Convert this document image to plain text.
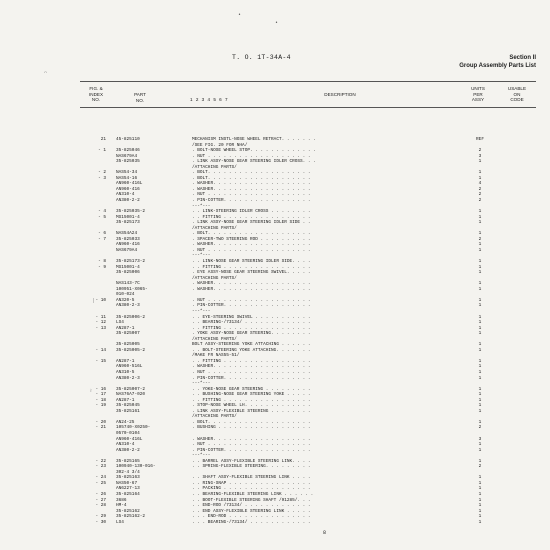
T. O. 1T-34A-4	Section II
Group Assembly Parts List
FIG. &
INDEX
NO.
PART
NO.	1 2 3 4 5 6 7
DESCRIPTION
UNITS
PER
ASSY
USABLE
ON
CODE
21 45-825110	MECHANISM INSTL-NOSE WHEEL RETRACT. . . . . . .	REF
/SEE FIG. 20 FOR NHA/
- 1 35-825046	. BOLT-NOSE WHEEL STOP. . . . . . . . . . . . .	2
NAS679A4	. NUT . . . . . . . . . . . . . . . . . . . .	3
35-825035	. LINK ASSY-NOSE GEAR STEERING IDLER CROSS. . .	1
/ATTACHING PARTS/
- 2 NAS54-34	. BOLT. . . . . . . . . . . . . . . . . . . .	1
- 3 NAS54-16	. BOLT. . . . . . . . . . . . . . . . . . . .	1
AN960-416L	. WASHER. . . . . . . . . . . . . . . . . . .	4
AN960-416	. WASHER. . . . . . . . . . . . . . . . . . .	2
AN310-4	. NUT . . . . . . . . . . . . . . . . . . . .	2
AN380-2-2	. PIN-COTTER. . . . . . . . . . . . . . . . .	2
---*---
- 4 35-825035-2	. . LINK-STEERING IDLER CROSS . . . . . . . .	1
- 5 MS15001-4	. . FITTING . . . . . . . . . . . . . . . . .	1
35-825173	. LINK ASSY-NOSE GEAR STEERING IDLER SIDE . .	1
/ATTACHING PARTS/
- 6 NAS54A24	. BOLT. . . . . . . . . . . . . . . . . . . .	1
- 7 35-825033	. SPACER-TWO STEERING ROD . . . . . . . . . .	2
AN960-416	. WASHER. . . . . . . . . . . . . . . . . . .	1
NAS679A4	. NUT . . . . . . . . . . . . . . . . . . . .	1
---*---
- 8 35-825173-2	. . LINK-NOSE GEAR STEERING IDLER SIDE. . . .	1
- 9 MS15001-4	. . FITTING . . . . . . . . . . . . . . . . .	1
35-825006	. EYE ASSY-NOSE GEAR STEERING SWIVEL. . . . .	1
/ATTACHING PARTS/
NAS143-7C	. WASHER. . . . . . . . . . . . . . . . . . .	1
100951-X065-	. WASHER. . . . . . . . . . . . . . . . . . .	1
010-024
- 10 AN320-5	. NUT . . . . . . . . . . . . . . . . . . . .	1
AN380-2-3	. PIN-COTTER. . . . . . . . . . . . . . . . .	1
---*---
- 11 35-825006-2	. . EYE-STEERING SWIVEL . . . . . . . . . . .	1
- 12 LS4	. . BEARING-/73134/ . . . . . . . . . . . . .	1
- 13 AN287-1	. . FITTING . . . . . . . . . . . . . . . . .	1
35-825007	. YOKE ASSY-NOSE GEAR STEERING. . . . . . . .	1
/ATTACHING PARTS/
35-825005	BOLT ASSY-STEERING YOKE ATTACHING . . . . . .	1
- 14 35-825005-2	. . BOLT-STEERING YOKE ATTACHING. . . . . . .	1
/MAKE FR NAS55-51/
- 15 AN287-1	. . FITTING . . . . . . . . . . . . . . . . .	1
AN960-516L	. WASHER. . . . . . . . . . . . . . . . . . .	1
AN310-5	. NUT . . . . . . . . . . . . . . . . . . . .	1
AN380-2-3	. PIN-COTTER. . . . . . . . . . . . . . . . .	1
---*---
- 16 35-825007-2	. . YOKE-NOSE GEAR STEERING . . . . . . . . .	1
- 17 NAS76A7-020	. . BUSHING-NOSE GEAR STEERING YOKE . . . . .	1
- 18 AN287-1	. . FITTING . . . . . . . . . . . . . . . . .	1
- 19 35-825045	. STOP-NOSE WHEEL LH. . . . . . . . . . . . .	1
35-825161	. LINK ASSY-FLEXIBLE STEERING . . . . . . . .	1
/ATTACHING PARTS/
- 20 AN24-25	. BOLT. . . . . . . . . . . . . . . . . . . .	1
- 21 105740-X0250-	. BUSHING . . . . . . . . . . . . . . . . . .	2
0570-0104
AN960-416L	. WASHER. . . . . . . . . . . . . . . . . . .	3
AN310-4	. NUT . . . . . . . . . . . . . . . . . . . .	1
AN380-2-2	. PIN-COTTER. . . . . . . . . . . . . . . . .	1
---*---
- 22 35-825165	. . BARREL ASSY-FLEXIBLE STEERING LINK. . . .	1
- 23 100940-130-016-	. . SPRING-FLEXIBLE STEERING. . . . . . . . .	2
302-4 3/4
- 24 35-825163	. . SHAFT ASSY-FLEXIBLE STEERING LINK . . . .	1
- 25 NAS50-67	. . RING-SNAP . . . . . . . . . . . . . . . .	1
AN6227-13	. . PACKING . . . . . . . . . . . . . . . . .	1
- 26 35-825164	. . BEARING-FLEXIBLE STEERING LINK . . . . . .	1
- 27 3686	. . BOOT-FLEXIBLE STEERING SHAFT /91285/. . .	1
- 28 HM-4	. . END-ROD /73134/ . . . . . . . . . . . . .	1
35-825162	. . END ASSY-FLEXIBLE STEERING LINK . . . . .	1
- 29 35-825162-2	. . . END-ROD . . . . . . . . . . . . . . . .	1
- 30 LS4	. . . BEARING-/73134/ . . . . . . . . . . . .	1
•
•
⌒
|
≀
8
